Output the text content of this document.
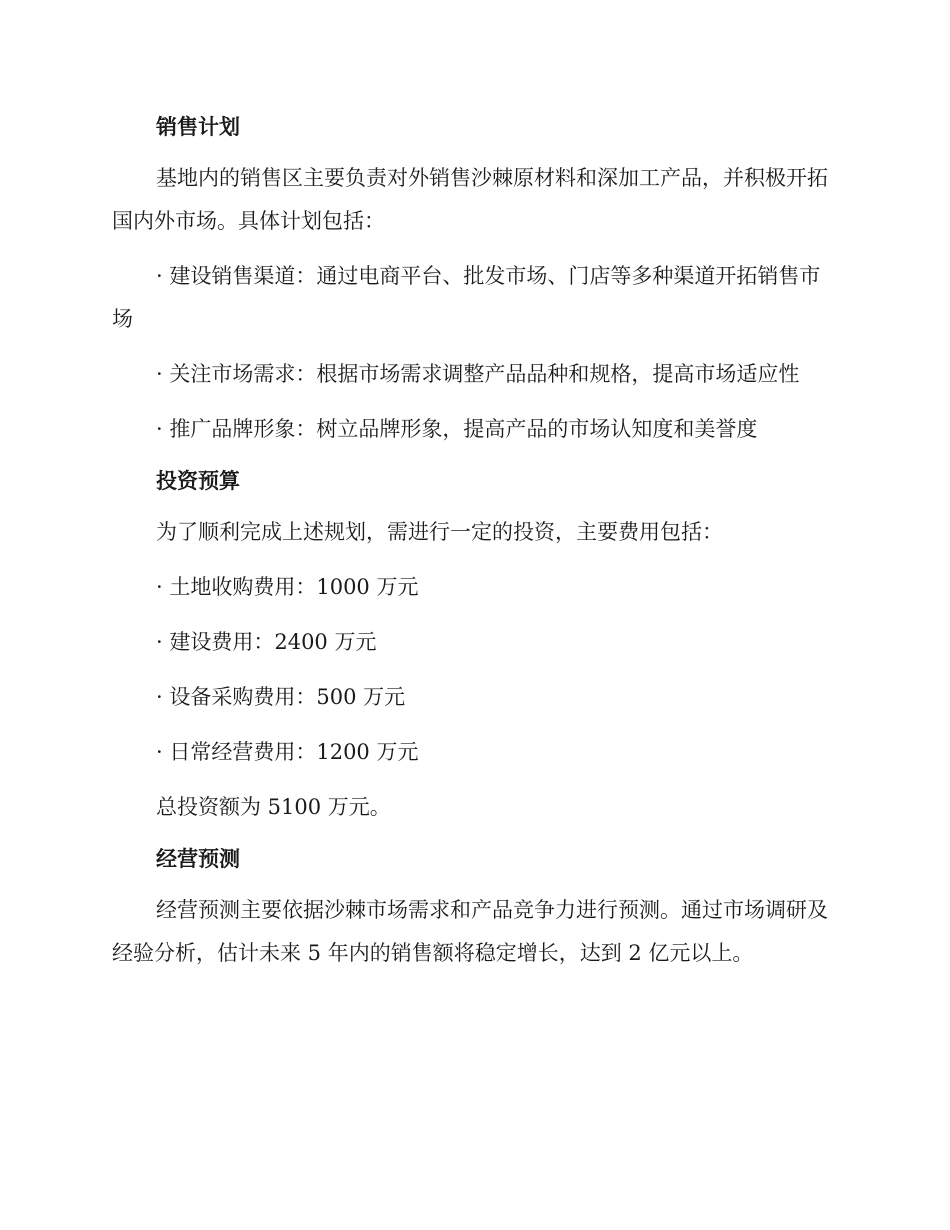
销售计划

基地内的销售区主要负责对外销售沙棘原材料和深加工产品，并积极开拓国内外市场。具体计划包括：

· 建设销售渠道：通过电商平台、批发市场、门店等多种渠道开拓销售市场

· 关注市场需求：根据市场需求调整产品品种和规格，提高市场适应性

· 推广品牌形象：树立品牌形象，提高产品的市场认知度和美誉度

投资预算

为了顺利完成上述规划，需进行一定的投资，主要费用包括：

· 土地收购费用：1000 万元

· 建设费用：2400 万元

· 设备采购费用：500 万元

· 日常经营费用：1200 万元

总投资额为 5100 万元。

经营预测

经营预测主要依据沙棘市场需求和产品竞争力进行预测。通过市场调研及经验分析，估计未来 5 年内的销售额将稳定增长，达到 2 亿元以上。
